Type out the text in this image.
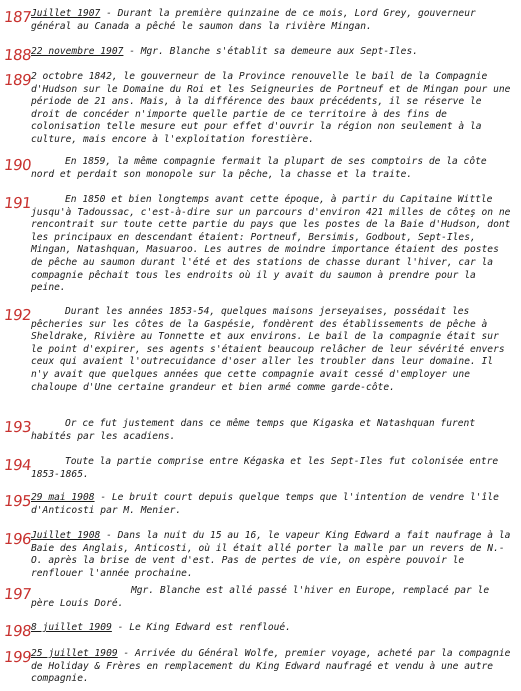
187
Juillet 1907 - Durant la première quinzaine de ce mois, Lord Grey, gouverneur général au Canada a pêché le saumon dans la rivière Mingan.
188
22 novembre 1907 - Mgr. Blanche s'établit sa demeure aux Sept-Iles.
189
2 octobre 1842, le gouverneur de la Province renouvelle le bail de la Compagnie d'Hudson sur le Domaine du Roi et les Seigneuries de Portneuf et de Mingan pour une période de 21 ans. Mais, à la différence des baux précédents, il se réserve le droit de concéder n'importe quelle partie de ce territoire à des fins de colonisation telle mesure eut pour effet d'ouvrir la région non seulement à la culture, mais encore à l'exploitation forestière.
190	En 1859, la même compagnie fermait la plupart de ses comptoirs de la côte nord et perdait son monopole sur la pêche, la chasse et la traite.
191	En 1850 et bien longtemps avant cette époque, à partir du Capitaine Wittle jusqu'à Tadoussac, c'est-à-dire sur un parcours d'environ 421 milles de côteş on ne rencontrait sur toute cette partie du pays que les postes de la Baie d'Hudson, dont les principaux en descendant étaient: Portneuf, Bersimis, Godbout, Sept-Iles, Mingan, Natashquan, Masuaroo. Les autres de moindre importance étaient des postes de pêche au saumon durant l'été et des stations de chasse durant l'hiver, car la compagnie pêchait tous les endroits où il y avait du saumon à prendre pour la peine.
192	Durant les années 1853-54, quelques maisons jerseyaises, possédait les pêcheries sur les côtes de la Gaspésie, fondèrent des établissements de pêche à Sheldrake, Rivière au Tonnette et aux environs. Le bail de la compagnie était sur le point d'expirer, ses agents s'étaient beaucoup relâcher de leur sévérité envers ceux qui avaient l'outrecuidance d'oser aller les troubler dans leur domaine. Il n'y avait que quelques années que cette compagnie avait cessé d'employer une chaloupe d'Une certaine grandeur et bien armé comme garde-côte.
193	Or ce fut justement dans ce même temps que Kigaska et Natashquan furent habités par les acadiens.
194	Toute la partie comprise entre Kégaska et les Sept-Iles fut colonisée entre 1853-1865.
195
29 mai 1908 - Le bruit court depuis quelque temps que l'intention de vendre l'île d'Anticosti par M. Menier.
196
Juillet 1908 - Dans la nuit du 15 au 16, le vapeur King Edward a fait naufrage à la Baie des Anglais, Anticosti, où il était allé porter la malle par un revers de N.-O. après la brise de vent d'est. Pas de pertes de vie, on espère pouvoir le renflouer l'année prochaine.
197	Mgr. Blanche est allé passé l'hiver en Europe, remplacé par le père Louis Doré.
198
8 juillet 1909 - Le King Edward est renfloué.
199
25 juillet 1909 - Arrivée du Général Wolfe, premier voyage, acheté par la compagnie de Holiday & Frères en remplacement du King Edward naufragé et vendu à une autre compagnie.
